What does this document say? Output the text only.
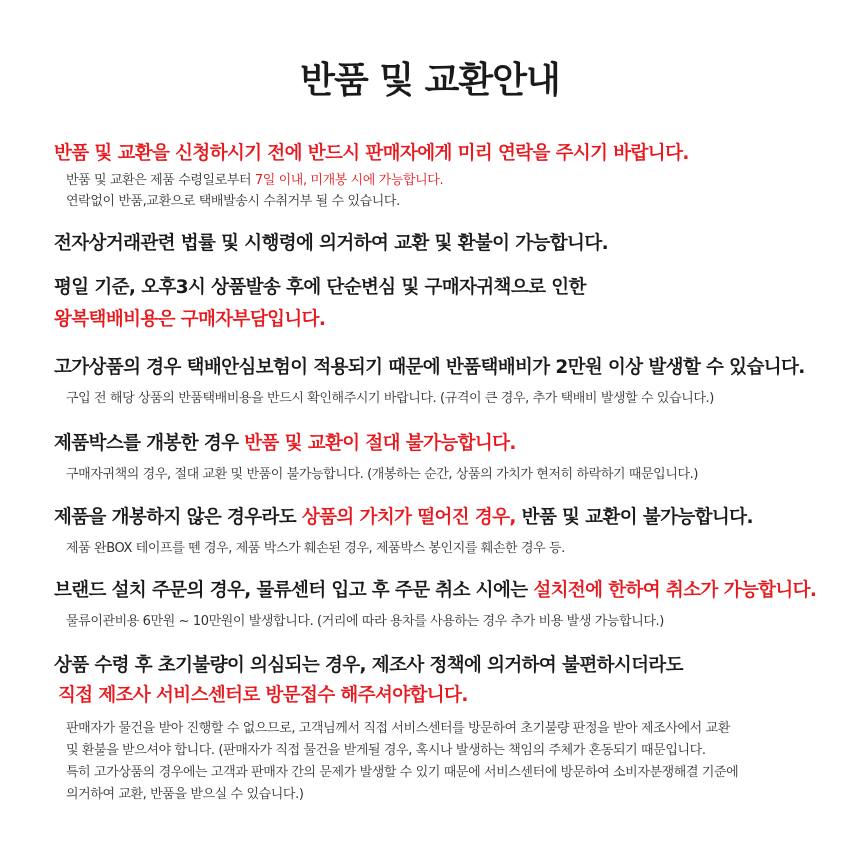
반품 및 교환안내
반품 및 교환을 신청하시기 전에 반드시 판매자에게 미리 연락을 주시기 바랍니다.
반품 및 교환은 제품 수령일로부터 7일 이내, 미개봉 시에 가능합니다.
연락없이 반품,교환으로 택배발송시 수취거부 될 수 있습니다.
전자상거래관련 법률 및 시행령에 의거하여 교환 및 환불이 가능합니다.
평일 기준, 오후3시 상품발송 후에 단순변심 및 구매자귀책으로 인한
왕복택배비용은 구매자부담입니다.
고가상품의 경우 택배안심보험이 적용되기 때문에 반품택배비가 2만원 이상 발생할 수 있습니다.
구입 전 해당 상품의 반품택배비용을 반드시 확인해주시기 바랍니다. (규격이 큰 경우, 추가 택배비 발생할 수 있습니다.)
제품박스를 개봉한 경우 반품 및 교환이 절대 불가능합니다.
구매자귀책의 경우, 절대 교환 및 반품이 불가능합니다. (개봉하는 순간, 상품의 가치가 현저히 하락하기 때문입니다.)
제품을 개봉하지 않은 경우라도 상품의 가치가 떨어진 경우, 반품 및 교환이 불가능합니다.
제품 완BOX 테이프를 뗀 경우, 제품 박스가 훼손된 경우, 제품박스 봉인지를 훼손한 경우 등.
브랜드 설치 주문의 경우, 물류센터 입고 후 주문 취소 시에는 설치전에 한하여 취소가 가능합니다.
물류이관비용 6만원 ~ 10만원이 발생합니다. (거리에 따라 용차를 사용하는 경우 추가 비용 발생 가능합니다.)
상품 수령 후 초기불량이 의심되는 경우, 제조사 정책에 의거하여 불편하시더라도
직접 제조사 서비스센터로 방문접수 해주셔야합니다.
판매자가 물건을 받아 진행할 수 없으므로, 고객님께서 직접 서비스센터를 방문하여 초기불량 판정을 받아 제조사에서 교환
및 환불을 받으셔야 합니다. (판매자가 직접 물건을 받게될 경우, 혹시나 발생하는 책임의 주체가 혼동되기 때문입니다.
특히 고가상품의 경우에는 고객과 판매자 간의 문제가 발생할 수 있기 때문에 서비스센터에 방문하여 소비자분쟁해결 기준에
의거하여 교환, 반품을 받으실 수 있습니다.)
